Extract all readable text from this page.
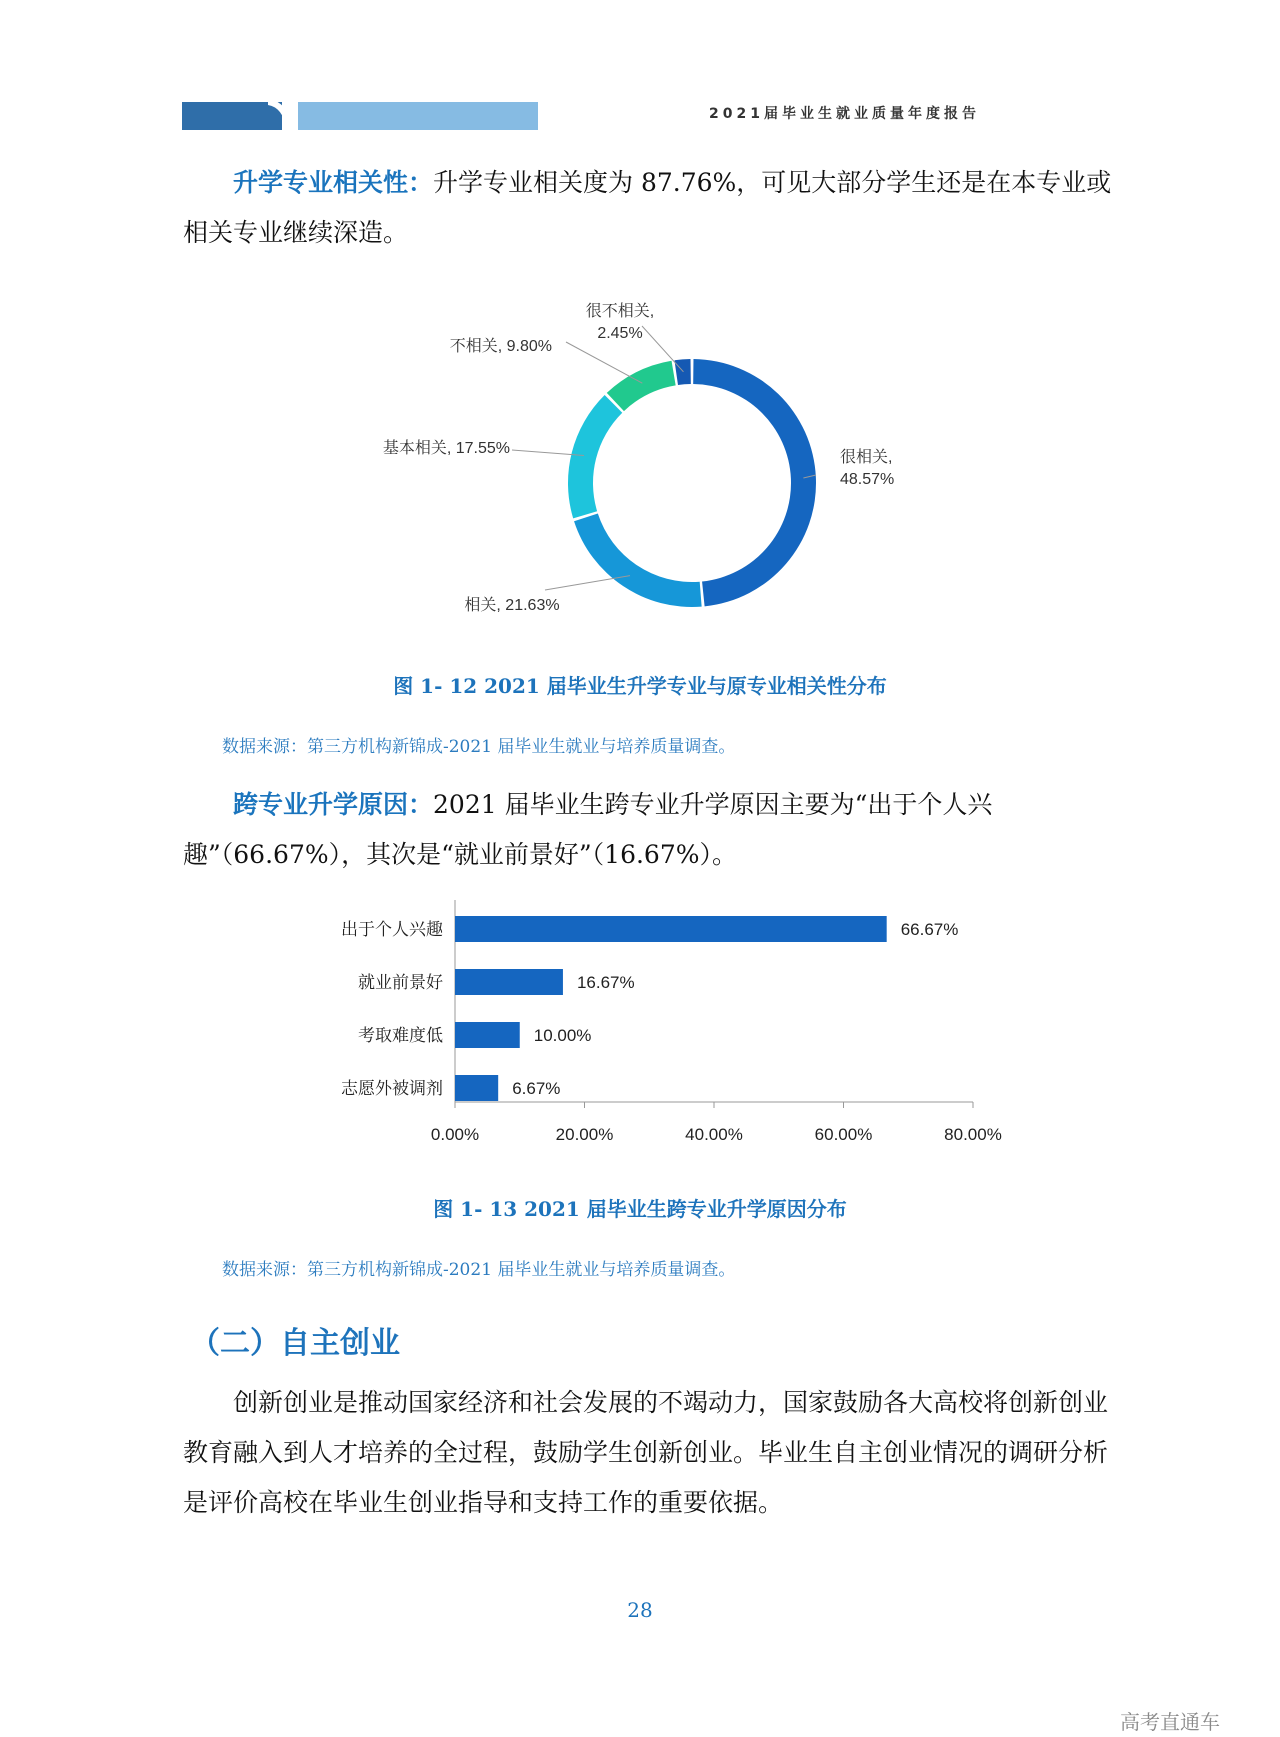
2021届毕业生就业质量年度报告
升学专业相关性：升学专业相关度为 87.76%，可见大部分学生还是在本专业或相关专业继续深造。
很相关, 48.57%
相关, 21.63%
基本相关, 17.55%
不相关, 9.80%
很不相关, 2.45%
图 1- 12 2021 届毕业生升学专业与原专业相关性分布
数据来源：第三方机构新锦成-2021 届毕业生就业与培养质量调查。
跨专业升学原因：2021 届毕业生跨专业升学原因主要为“出于个人兴趣”（66.67%），其次是“就业前景好”（16.67%）。
0.00%	20.00%	40.00%	60.00%	80.00%
出于个人兴趣	66.67%
就业前景好	16.67%
考取难度低	10.00%
志愿外被调剂	6.67%
图 1- 13 2021 届毕业生跨专业升学原因分布
数据来源：第三方机构新锦成-2021 届毕业生就业与培养质量调查。
（二）自主创业
创新创业是推动国家经济和社会发展的不竭动力，国家鼓励各大高校将创新创业教育融入到人才培养的全过程，鼓励学生创新创业。毕业生自主创业情况的调研分析是评价高校在毕业生创业指导和支持工作的重要依据。
28
高考直通车
